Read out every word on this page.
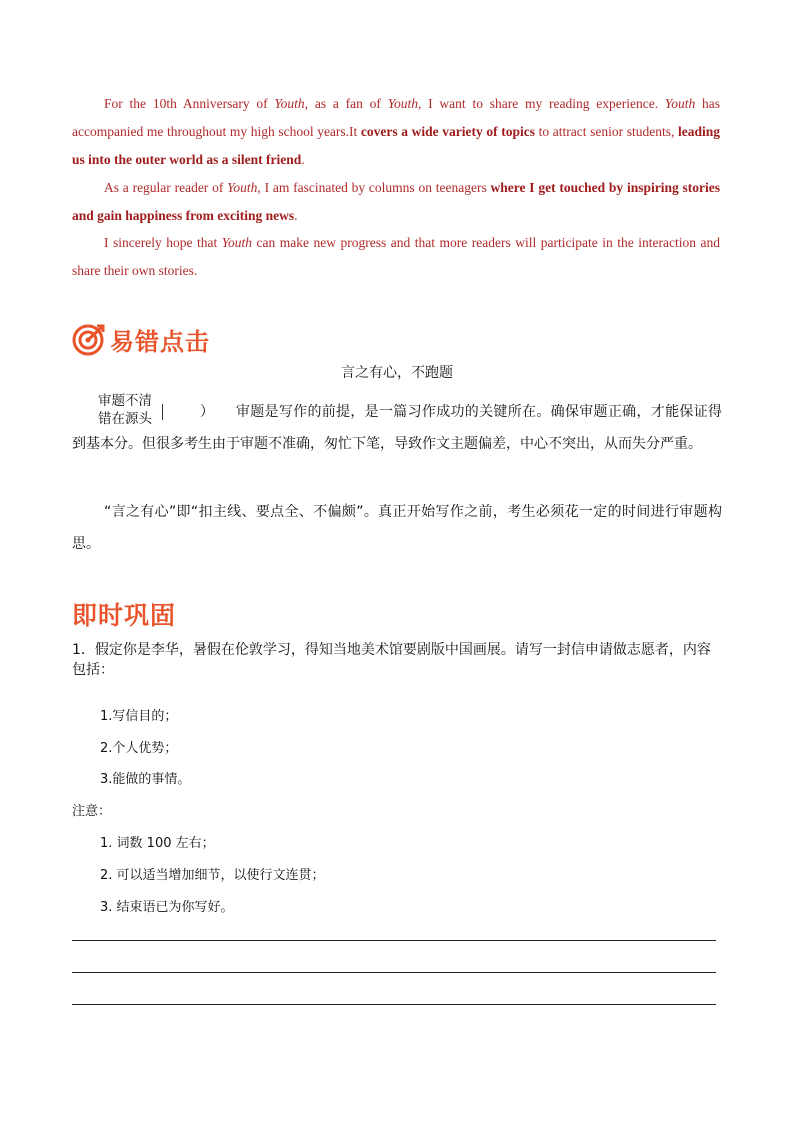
For the 10th Anniversary of Youth, as a fan of Youth, I want to share my reading experience. Youth has accompanied me throughout my high school years.It covers a wide variety of topics to attract senior students, leading us into the outer world as a silent friend.
As a regular reader of Youth, I am fascinated by columns on teenagers where I get touched by inspiring stories and gain happiness from exciting news.
I sincerely hope that Youth can make new progress and that more readers will participate in the interaction and share their own stories.
易错点击
言之有心，不跑题
审题不清错在源头	）　　审题是写作的前提，是一篇习作成功的关键所在。确保审题正确，才能保证得到基本分。但很多考生由于审题不准确，匆忙下笔，导致作文主题偏差，中心不突出，从而失分严重。
“言之有心”即“扣主线、要点全、不偏颇”。真正开始写作之前，考生必须花一定的时间进行审题构思。
即时巩固
1．假定你是李华，暑假在伦敦学习，得知当地美术馆要剧版中国画展。请写一封信申请做志愿者，内容包括：
1.写信目的；
2.个人优势；
3.能做的事情。
注意：
1. 词数 100 左右；
2. 可以适当增加细节，以使行文连贯；
3. 结束语已为你写好。
